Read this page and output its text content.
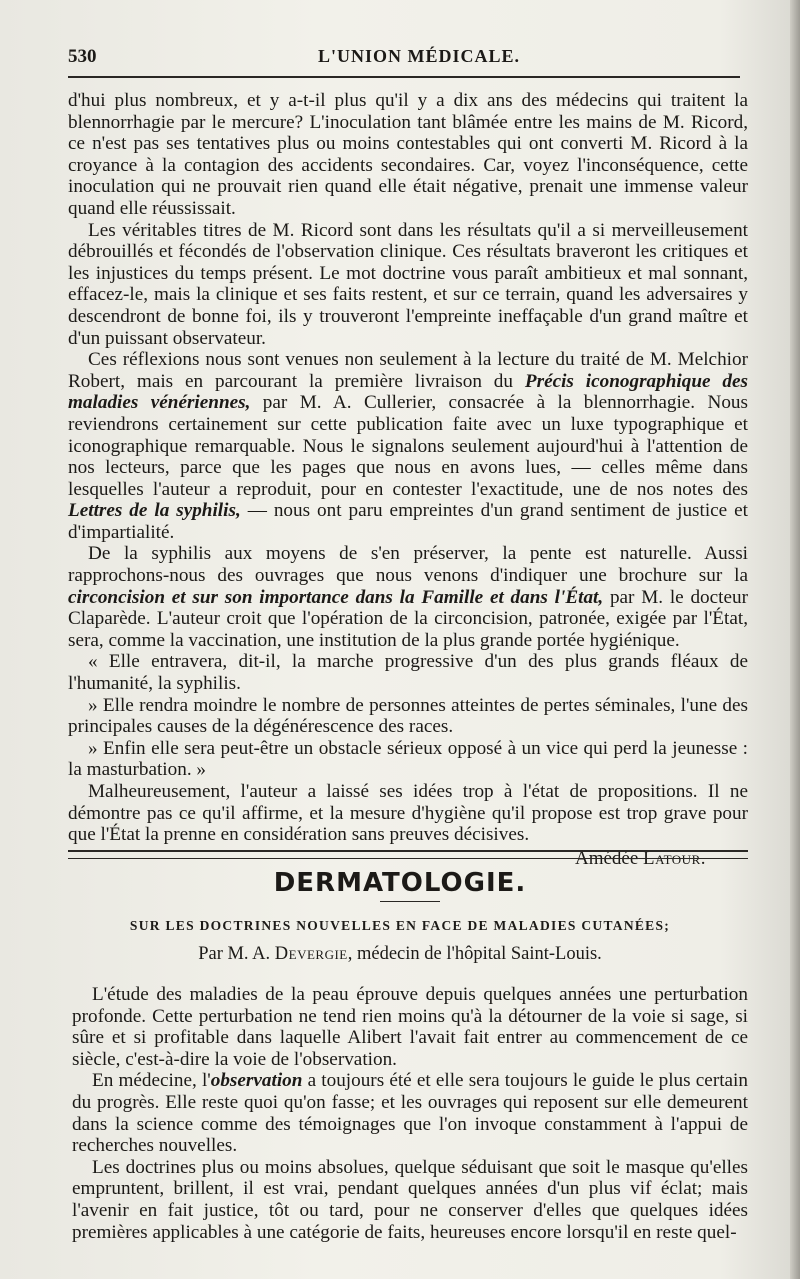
530	L'UNION MÉDICALE.

d'hui plus nombreux, et y a-t-il plus qu'il y a dix ans des médecins qui traitent la blennorrhagie par le mercure? L'inoculation tant blâmée entre les mains de M. Ricord, ce n'est pas ses tentatives plus ou moins contestables qui ont converti M. Ricord à la croyance à la contagion des accidents secondaires. Car, voyez l'inconséquence, cette inoculation qui ne prouvait rien quand elle était négative, prenait une immense valeur quand elle réussissait.

Les véritables titres de M. Ricord sont dans les résultats qu'il a si merveilleusement débrouillés et fécondés de l'observation clinique. Ces résultats braveront les critiques et les injustices du temps présent. Le mot doctrine vous paraît ambitieux et mal sonnant, effacez-le, mais la clinique et ses faits restent, et sur ce terrain, quand les adversaires y descendront de bonne foi, ils y trouveront l'empreinte ineffaçable d'un grand maître et d'un puissant observateur.

Ces réflexions nous sont venues non seulement à la lecture du traité de M. Melchior Robert, mais en parcourant la première livraison du Précis iconographique des maladies vénériennes, par M. A. Cullerier, consacrée à la blennorrhagie. Nous reviendrons certainement sur cette publication faite avec un luxe typographique et iconographique remarquable. Nous le signalons seulement aujourd'hui à l'attention de nos lecteurs, parce que les pages que nous en avons lues, — celles même dans lesquelles l'auteur a reproduit, pour en contester l'exactitude, une de nos notes des Lettres de la syphilis, — nous ont paru empreintes d'un grand sentiment de justice et d'impartialité.

De la syphilis aux moyens de s'en préserver, la pente est naturelle. Aussi rapprochons-nous des ouvrages que nous venons d'indiquer une brochure sur la circoncision et sur son importance dans la Famille et dans l'État, par M. le docteur Claparède. L'auteur croit que l'opération de la circoncision, patronée, exigée par l'État, sera, comme la vaccination, une institution de la plus grande portée hygiénique.

« Elle entravera, dit-il, la marche progressive d'un des plus grands fléaux de l'humanité, la syphilis.

» Elle rendra moindre le nombre de personnes atteintes de pertes séminales, l'une des principales causes de la dégénérescence des races.

» Enfin elle sera peut-être un obstacle sérieux opposé à un vice qui perd la jeunesse : la masturbation. »

Malheureusement, l'auteur a laissé ses idées trop à l'état de propositions. Il ne démontre pas ce qu'il affirme, et la mesure d'hygiène qu'il propose est trop grave pour que l'État la prenne en considération sans preuves décisives.

Amédée Latour.
DERMATOLOGIE.
SUR LES DOCTRINES NOUVELLES EN FACE DE MALADIES CUTANÉES;
Par M. A. Devergie, médecin de l'hôpital Saint-Louis.

L'étude des maladies de la peau éprouve depuis quelques années une perturbation profonde. Cette perturbation ne tend rien moins qu'à la détourner de la voie si sage, si sûre et si profitable dans laquelle Alibert l'avait fait entrer au commencement de ce siècle, c'est-à-dire la voie de l'observation.

En médecine, l'observation a toujours été et elle sera toujours le guide le plus certain du progrès. Elle reste quoi qu'on fasse; et les ouvrages qui reposent sur elle demeurent dans la science comme des témoignages que l'on invoque constamment à l'appui de recherches nouvelles.

Les doctrines plus ou moins absolues, quelque séduisant que soit le masque qu'elles empruntent, brillent, il est vrai, pendant quelques années d'un plus vif éclat; mais l'avenir en fait justice, tôt ou tard, pour ne conserver d'elles que quelques idées premières applicables à une catégorie de faits, heureuses encore lorsqu'il en reste quel-
